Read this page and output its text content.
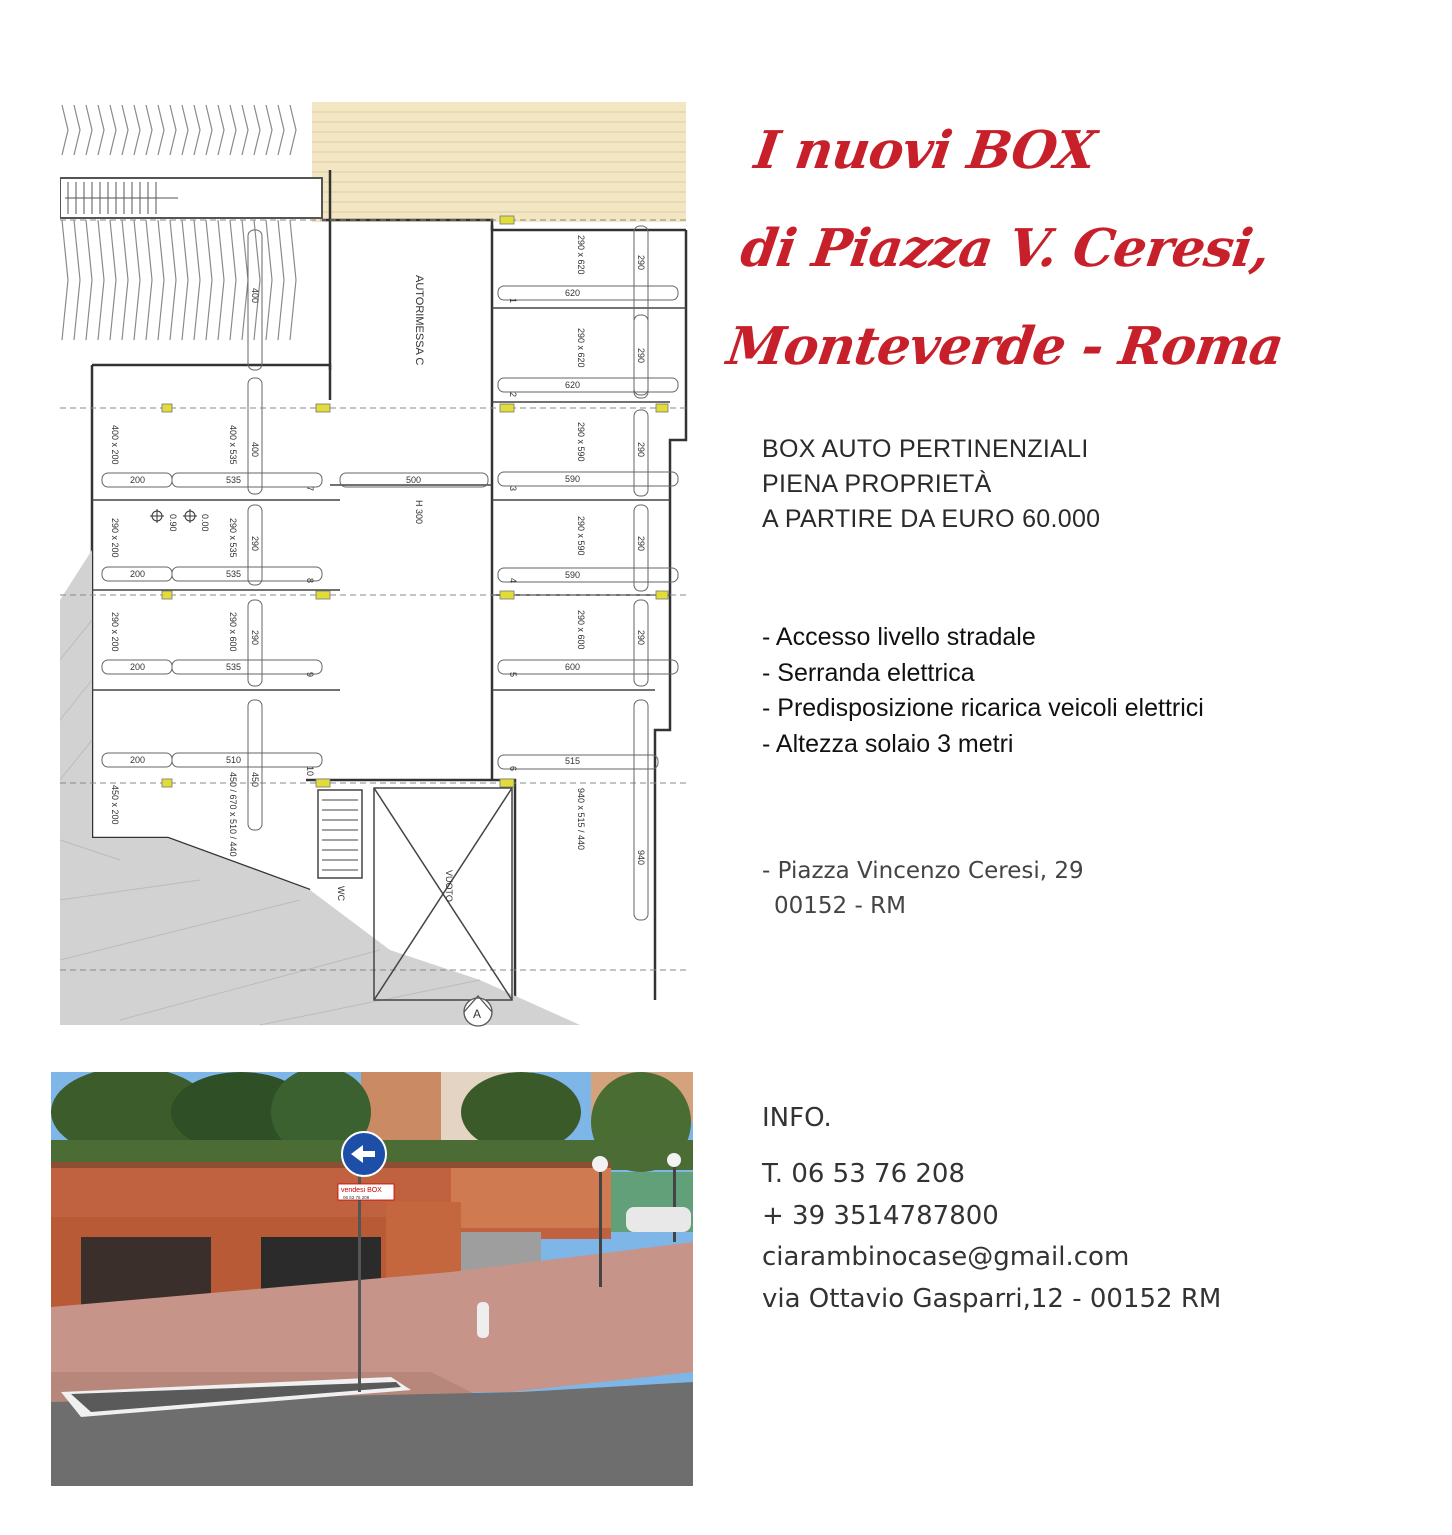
AUTORIMESSA C
H 300
VUOTO
WC
A
620
620
590
590
600
515
500
200	535
200	535
200	535
200	510
290 x 620
290 x 620
290 x 590
290 x 590
290 x 600
940 x 515 / 440
290
290
290
290
290
940
400 x 200
290 x 200
290 x 200
450 x 200
400 x 535
290 x 535
290 x 600
450 / 670 x 510 / 440
400
400
290
290
450
1
2
3
4
5
6
7
8
9
10
0.90 0.00
vendesi BOX
06 53 76 208
I nuovi BOX
di Piazza V. Ceresi,
Monteverde - Roma
BOX AUTO PERTINENZIALI
PIENA PROPRIETÀ
A PARTIRE DA EURO 60.000
- Accesso livello stradale
- Serranda elettrica
- Predisposizione ricarica veicoli elettrici
- Altezza solaio 3 metri
- Piazza Vincenzo Ceresi, 29
00152 - RM
INFO.
T. 06 53 76 208
+ 39 3514787800
ciarambinocase@gmail.com
via Ottavio Gasparri,12 - 00152 RM
